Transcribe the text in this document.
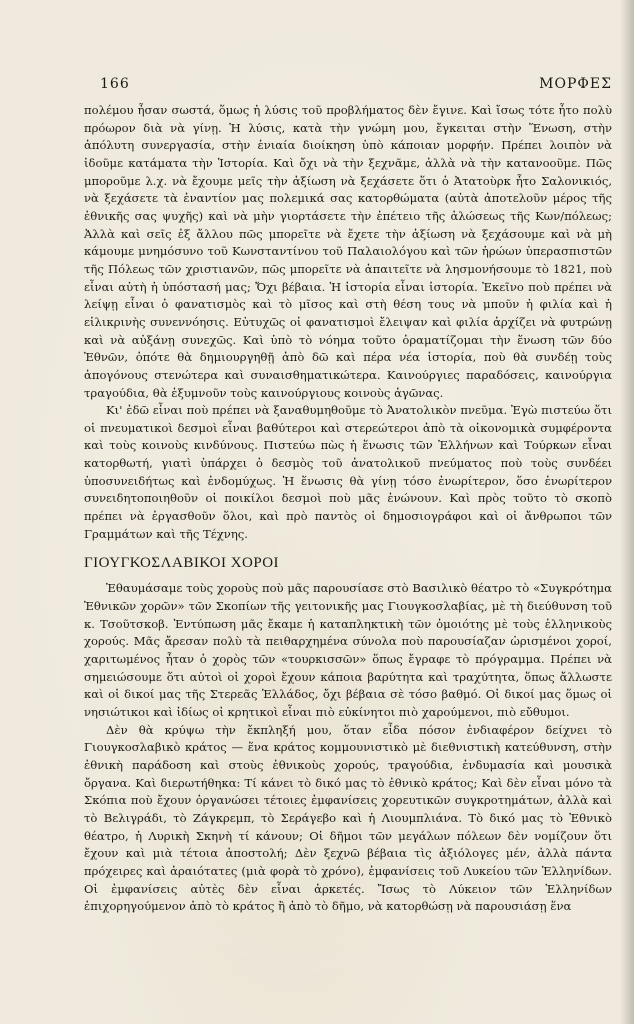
166	ΜΟΡΦΕΣ

πολέμου ἦσαν σωστά, ὅμως ἡ λύσις τοῦ προβλήματος δὲν ἔγινε. Καὶ ἴσως τότε ἦτο πολὺ πρόωρον διὰ νὰ γίνῃ. Ἡ λύσις, κατὰ τὴν γνώμη μου, ἔγκειται στὴν Ἕνωση, στὴν ἀπόλυτη συνεργασία, στὴν ἑνιαία διοίκηση ὑπὸ κάποιαν μορφήν. Πρέπει λοιπὸν νὰ ἰδοῦμε κατάματα τὴν Ἱστορία. Καὶ ὄχι νὰ τὴν ξεχνᾶμε, ἀλλὰ νὰ τὴν κατανοοῦμε. Πῶς μποροῦμε λ.χ. νὰ ἔχουμε μεῖς τὴν ἀξίωση νὰ ξεχάσετε ὅτι ὁ Ἀτατοὺρκ ἦτο Σαλονικιός, νὰ ξεχάσετε τὰ ἐναντίον μας πολεμικά σας κατορθώματα (αὐτὰ ἀποτελοῦν μέρος τῆς ἐθνικῆς σας ψυχῆς) καὶ νὰ μὴν γιορτάσετε τὴν ἐπέτειο τῆς ἁλώσεως τῆς Κων/πόλεως; Ἀλλὰ καὶ σεῖς ἐξ ἄλλου πῶς μπορεῖτε νὰ ἔχετε τὴν ἀξίωση νὰ ξεχάσουμε καὶ νὰ μὴ κάμουμε μνημόσυνο τοῦ Κωνσταντίνου τοῦ Παλαιολόγου καὶ τῶν ἡρώων ὑπερασπιστῶν τῆς Πόλεως τῶν χριστιανῶν, πῶς μπορεῖτε νὰ ἀπαιτεῖτε νὰ λησμονήσουμε τὸ 1821, ποὺ εἶναι αὐτὴ ἡ ὑπόστασή μας; Ὄχι βέβαια. Ἡ ἱστορία εἶναι ἱστορία. Ἐκεῖνο ποὺ πρέπει νὰ λείψῃ εἶναι ὁ φανατισμὸς καὶ τὸ μῖσος καὶ στὴ θέση τους νὰ μποῦν ἡ φιλία καὶ ἡ εἰλικρινὴς συνεννόησις. Εὐτυχῶς οἱ φανατισμοὶ ἔλειψαν καὶ φιλία ἀρχίζει νὰ φυτρώνῃ καὶ νὰ αὐξάνῃ συνεχῶς. Καὶ ὑπὸ τὸ νόημα τοῦτο ὁραματίζομαι τὴν ἕνωση τῶν δύο Ἐθνῶν, ὁπότε θὰ δημιουργηθῇ ἀπὸ δῶ καὶ πέρα νέα ἱστορία, ποὺ θὰ συνδέῃ τοὺς ἀπογόνους στενώτερα καὶ συναισθηματικώτερα. Καινούργιες παραδόσεις, καινούργια τραγούδια, θὰ ἐξυμνοῦν τοὺς καινούργιους κοινοὺς ἀγῶνας.

Κι' ἐδῶ εἶναι ποὺ πρέπει νὰ ξαναθυμηθοῦμε τὸ Ἀνατολικὸν πνεῦμα. Ἐγὼ πιστεύω ὅτι οἱ πνευματικοὶ δεσμοὶ εἶναι βαθύτεροι καὶ στερεώτεροι ἀπὸ τὰ οἰκονομικὰ συμφέροντα καὶ τοὺς κοινοὺς κινδύνους. Πιστεύω πὼς ἡ ἕνωσις τῶν Ἑλλήνων καὶ Τούρκων εἶναι κατορθωτή, γιατὶ ὑπάρχει ὁ δεσμὸς τοῦ ἀνατολικοῦ πνεύματος ποὺ τοὺς συνδέει ὑποσυνειδήτως καὶ ἐνδομύχως. Ἡ ἕνωσις θὰ γίνῃ τόσο ἐνωρίτερον, ὅσο ἐνωρίτερον συνειδητοποιηθοῦν οἱ ποικίλοι δεσμοὶ ποὺ μᾶς ἑνώνουν. Καὶ πρὸς τοῦτο τὸ σκοπὸ πρέπει νὰ ἐργασθοῦν ὅλοι, καὶ πρὸ παντὸς οἱ δημοσιογράφοι καὶ οἱ ἄνθρωποι τῶν Γραμμάτων καὶ τῆς Τέχνης.

ΓΙΟΥΓΚΟΣΛΑΒΙΚΟΙ ΧΟΡΟΙ

Ἐθαυμάσαμε τοὺς χοροὺς ποὺ μᾶς παρουσίασε στὸ Βασιλικὸ θέατρο τὸ «Συγκρότημα Ἐθνικῶν χορῶν» τῶν Σκοπίων τῆς γειτονικῆς μας Γιουγκοσλαβίας, μὲ τὴ διεύθυνση τοῦ κ. Τσοῦτσκοβ. Ἐντύπωση μᾶς ἔκαμε ἡ καταπληκτικὴ τῶν ὁμοιότης μὲ τοὺς ἑλληνικοὺς χορούς. Μᾶς ἄρεσαν πολὺ τὰ πειθαρχημένα σύνολα ποὺ παρουσίαζαν ὡρισμένοι χοροί, χαριτωμένος ἦταν ὁ χορὸς τῶν «τουρκισσῶν» ὅπως ἔγραφε τὸ πρόγραμμα. Πρέπει νὰ σημειώσουμε ὅτι αὐτοὶ οἱ χοροὶ ἔχουν κάποια βαρύτητα καὶ τραχύτητα, ὅπως ἄλλωστε καὶ οἱ δικοί μας τῆς Στερεᾶς Ἑλλάδος, ὄχι βέβαια σὲ τόσο βαθμό. Οἱ δικοί μας ὅμως οἱ νησιώτικοι καὶ ἰδίως οἱ κρητικοὶ εἶναι πιὸ εὐκίνητοι πιὸ χαρούμενοι, πιὸ εὔθυμοι.

Δὲν θὰ κρύψω τὴν ἔκπληξή μου, ὅταν εἶδα πόσον ἐνδιαφέρον δείχνει τὸ Γιουγκοσλαβικὸ κράτος — ἕνα κράτος κομμουνιστικὸ μὲ διεθνιστικὴ κατεύθυνση, στὴν ἐθνικὴ παράδοση καὶ στοὺς ἐθνικοὺς χορούς, τραγούδια, ἐνδυμασία καὶ μουσικὰ ὄργανα. Καὶ διερωτήθηκα: Τί κάνει τὸ δικό μας τὸ ἐθνικὸ κράτος; Καὶ δὲν εἶναι μόνο τὰ Σκόπια ποὺ ἔχουν ὀργανώσει τέτοιες ἐμφανίσεις χορευτικῶν συγκροτημάτων, ἀλλὰ καὶ τὸ Βελιγράδι, τὸ Ζάγκρεμπ, τὸ Σεράγεβο καὶ ἡ Λιουμπλιάνα. Τὸ δικό μας τὸ Ἐθνικὸ θέατρο, ἡ Λυρικὴ Σκηνὴ τί κάνουν; Οἱ δῆμοι τῶν μεγάλων πόλεων δὲν νομίζουν ὅτι ἔχουν καὶ μιὰ τέτοια ἀποστολή; Δὲν ξεχνῶ βέβαια τὶς ἀξιόλογες μέν, ἀλλὰ πάντα πρόχειρες καὶ ἀραιότατες (μιὰ φορὰ τὸ χρόνο), ἐμφανίσεις τοῦ Λυκείου τῶν Ἑλληνίδων. Οἱ ἐμφανίσεις αὐτὲς δὲν εἶναι ἀρκετές. Ἴσως τὸ Λύκειον τῶν Ἑλληνίδων ἐπιχορηγούμενον ἀπὸ τὸ κράτος ἢ ἀπὸ τὸ δῆμο, νὰ κατορθώσῃ νὰ παρουσιάσῃ ἕνα
